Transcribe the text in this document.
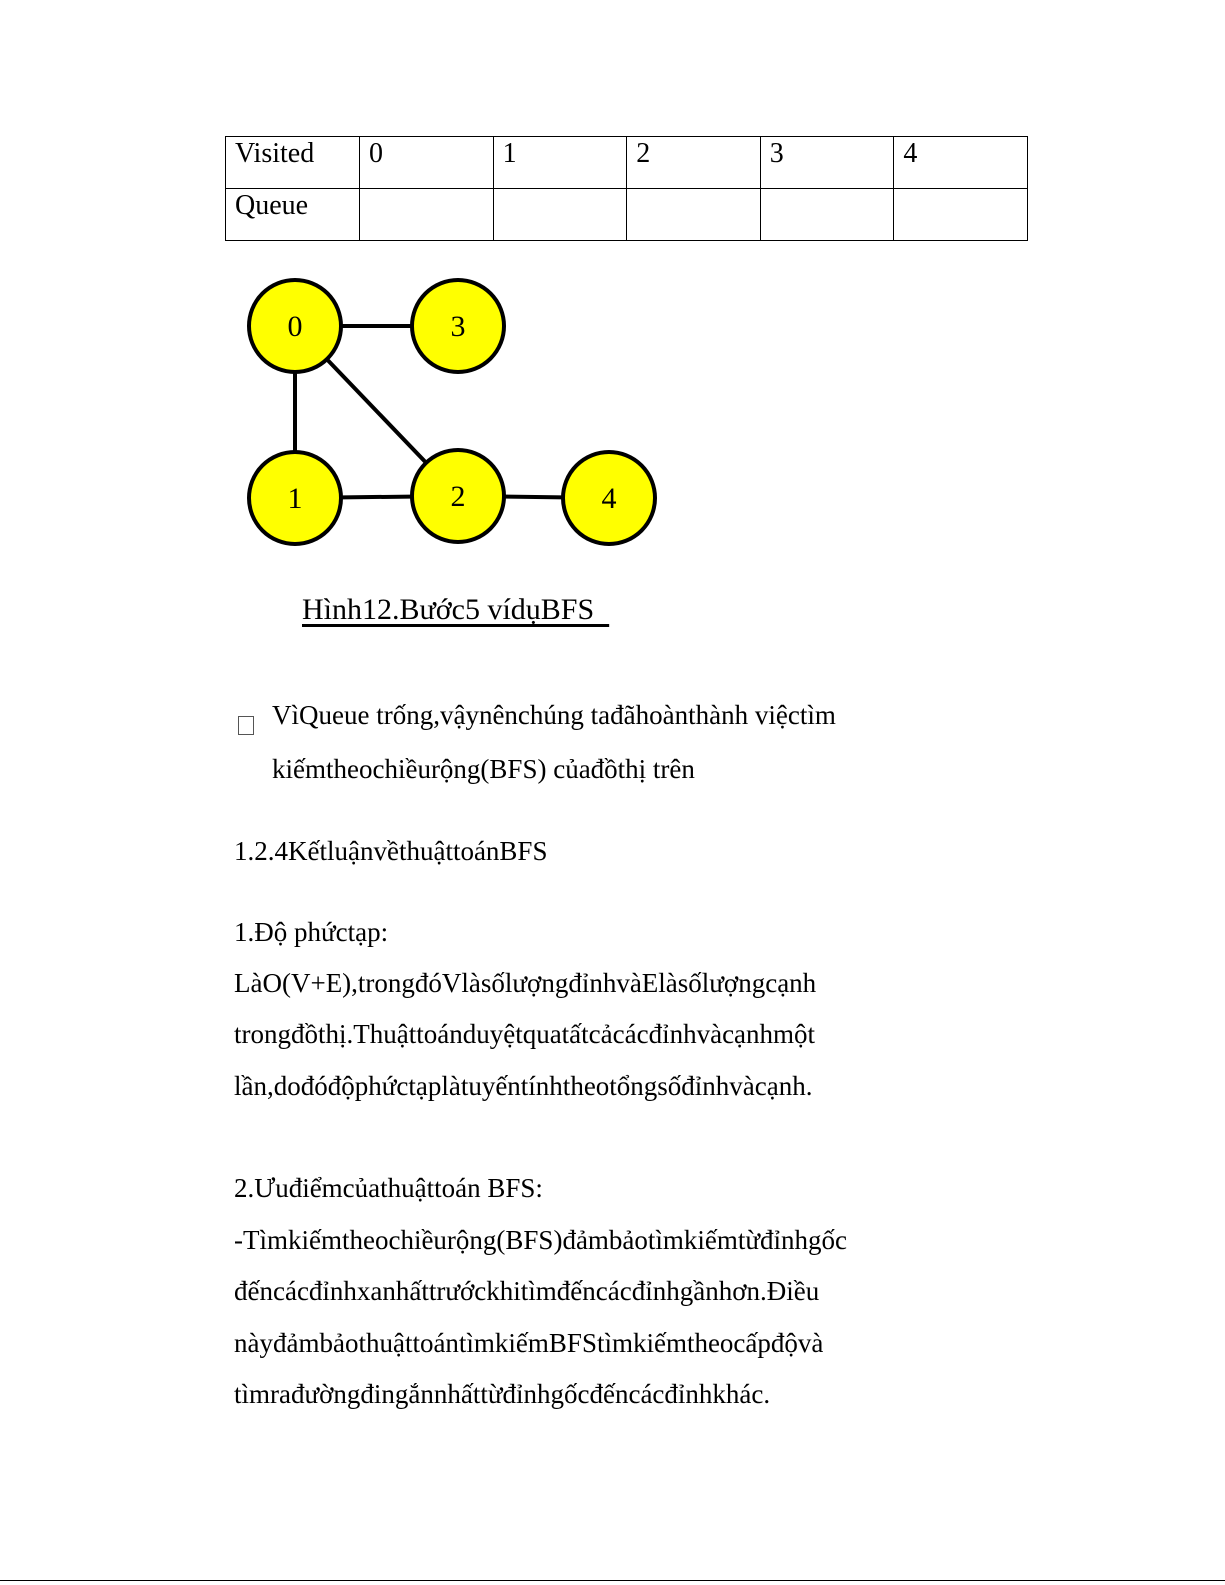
Visited	0	1	2	3	4
Queue					
0
1	2
3
4
Hình12.Bước5 vídụBFS
VìQueue trống,vậynênchúng tađãhoànthành việctìm
kiếmtheochiềurộng(BFS) củađồthị trên
1.2.4KếtluậnvềthuậttoánBFS
1.Độ phứctạp:
LàO(V+E),trongđóVlàsốlượngđỉnhvàElàsốlượngcạnh
trongđồthị.Thuậttoánduyệtquatấtcảcácđỉnhvàcạnhmột
lần,dođóđộphứctạplàtuyếntínhtheotổngsốđỉnhvàcạnh.
2.Ưuđiểmcủathuậttoán BFS:
-Tìmkiếmtheochiềurộng(BFS)đảmbảotìmkiếmtừđỉnhgốc
đếncácđỉnhxanhấttrướckhitìmđếncácđỉnhgầnhơn.Điều
nàyđảmbảothuậttoántìmkiếmBFStìmkiếmtheocấpđộvà
tìmrađườngđingắnnhấttừđỉnhgốcđếncácđỉnhkhác.
